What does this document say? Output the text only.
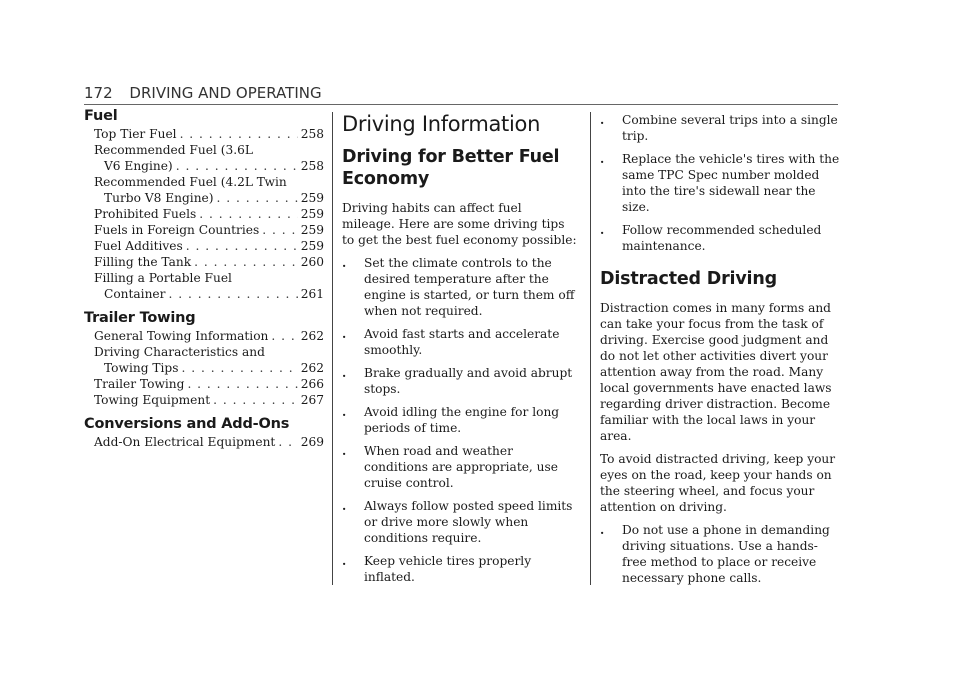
172 DRIVING AND OPERATING
Fuel
Top Tier Fuel . . .	258
Recommended Fuel (3.6L
V6 Engine) . . .	258
Recommended Fuel (4.2L Twin
Turbo V8 Engine) . . .	259
Prohibited Fuels . . .	259
Fuels in Foreign Countries . . .	259
Fuel Additives . . .	259
Filling the Tank . . .	260
Filling a Portable Fuel
Container . . .	261
Trailer Towing
General Towing Information . . .	262
Driving Characteristics and
Towing Tips . . .	262
Trailer Towing . . .	266
Towing Equipment . . .	267
Conversions and Add-Ons
Add-On Electrical Equipment . . . 269
Driving Information
Driving for Better Fuel
Economy

Driving habits can affect fuel mileage. Here are some driving tips to get the best fuel economy possible:

.	Set the climate controls to the desired temperature after the engine is started, or turn them off when not required.
.	Avoid fast starts and accelerate smoothly.
.	Brake gradually and avoid abrupt stops.
.	Avoid idling the engine for long periods of time.
.	When road and weather conditions are appropriate, use cruise control.
.	Always follow posted speed limits or drive more slowly when conditions require.
.	Keep vehicle tires properly inflated.
.	Combine several trips into a single trip.
.	Replace the vehicle's tires with the same TPC Spec number molded into the tire's sidewall near the size.
.	Follow recommended scheduled maintenance.
Distracted Driving

Distraction comes in many forms and can take your focus from the task of driving. Exercise good judgment and do not let other activities divert your attention away from the road. Many local governments have enacted laws regarding driver distraction. Become familiar with the local laws in your area.

To avoid distracted driving, keep your eyes on the road, keep your hands on the steering wheel, and focus your attention on driving.

.	Do not use a phone in demanding driving situations. Use a hands-free method to place or receive necessary phone calls.
